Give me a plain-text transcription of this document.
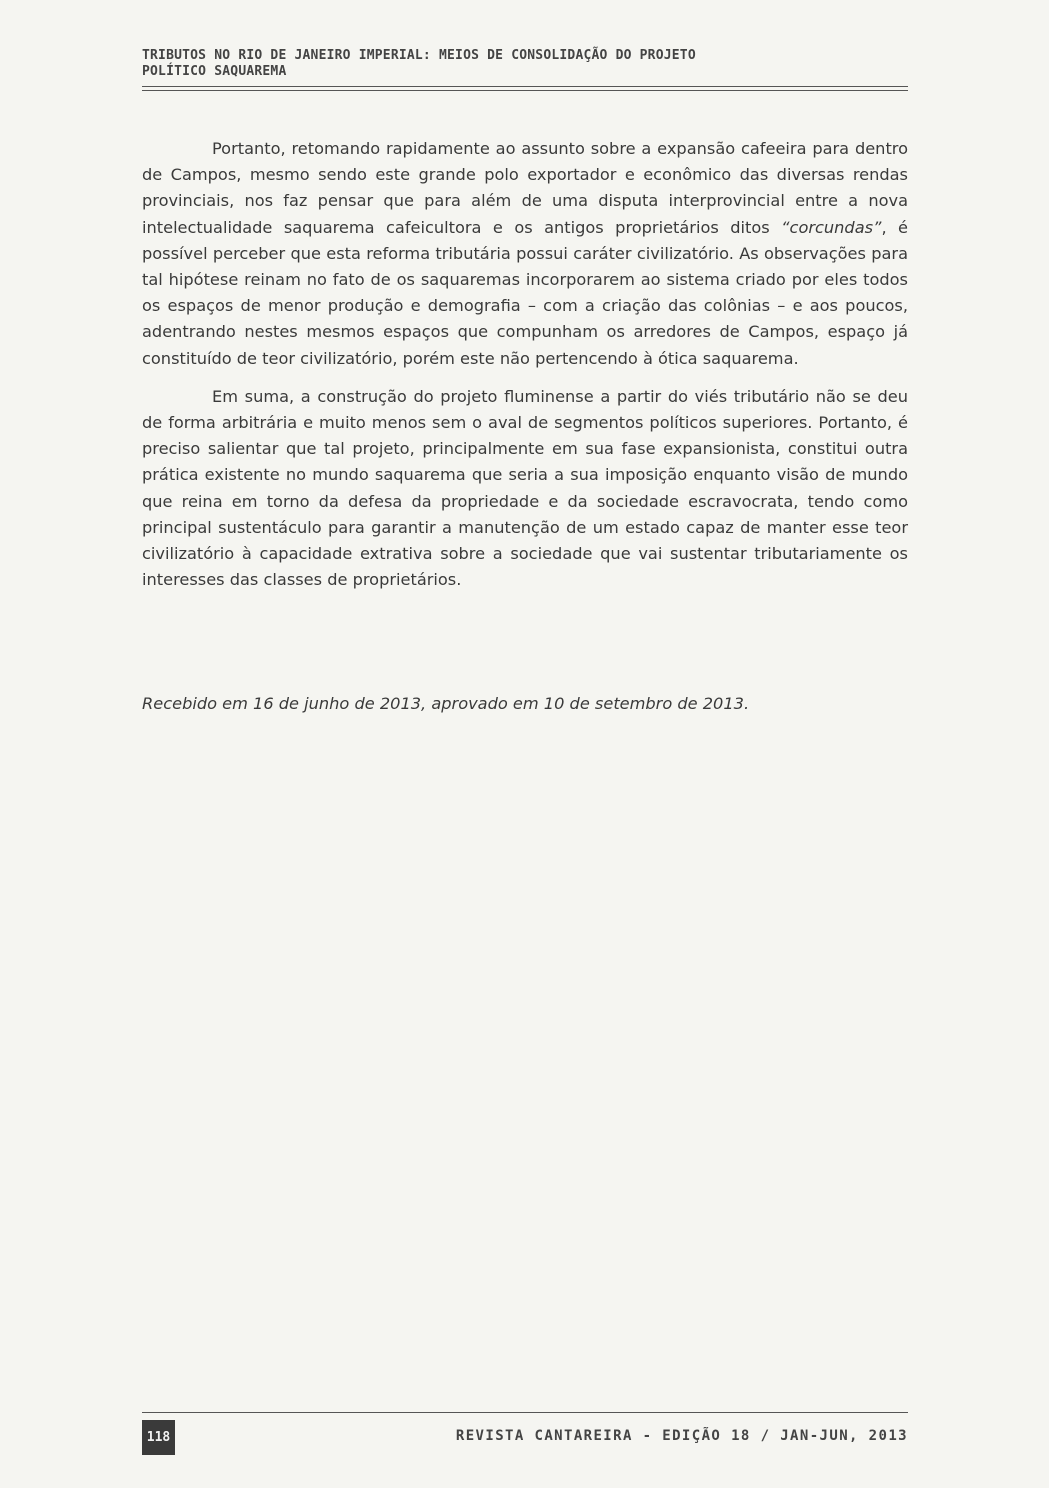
TRIBUTOS NO RIO DE JANEIRO IMPERIAL: MEIOS DE CONSOLIDAÇÃO DO PROJETO POLÍTICO SAQUAREMA

Portanto, retomando rapidamente ao assunto sobre a expansão cafeeira para dentro de Campos, mesmo sendo este grande polo exportador e econômico das diversas rendas provinciais, nos faz pensar que para além de uma disputa interprovincial entre a nova intelectualidade saquarema cafeicultora e os antigos proprietários ditos “corcundas”, é possível perceber que esta reforma tributária possui caráter civilizatório. As observações para tal hipótese reinam no fato de os saquaremas incorporarem ao sistema criado por eles todos os espaços de menor produção e demografia – com a criação das colônias – e aos poucos, adentrando nestes mesmos espaços que compunham os arredores de Campos, espaço já constituído de teor civilizatório, porém este não pertencendo à ótica saquarema.

Em suma, a construção do projeto fluminense a partir do viés tributário não se deu de forma arbitrária e muito menos sem o aval de segmentos políticos superiores. Portanto, é preciso salientar que tal projeto, principalmente em sua fase expansionista, constitui outra prática existente no mundo saquarema que seria a sua imposição enquanto visão de mundo que reina em torno da defesa da propriedade e da sociedade escravocrata, tendo como principal sustentáculo para garantir a manutenção de um estado capaz de manter esse teor civilizatório à capacidade extrativa sobre a sociedade que vai sustentar tributariamente os interesses das classes de proprietários.

Recebido em 16 de junho de 2013, aprovado em 10 de setembro de 2013.
118	REVISTA CANTAREIRA - EDIÇÃO 18 / JAN-JUN, 2013
